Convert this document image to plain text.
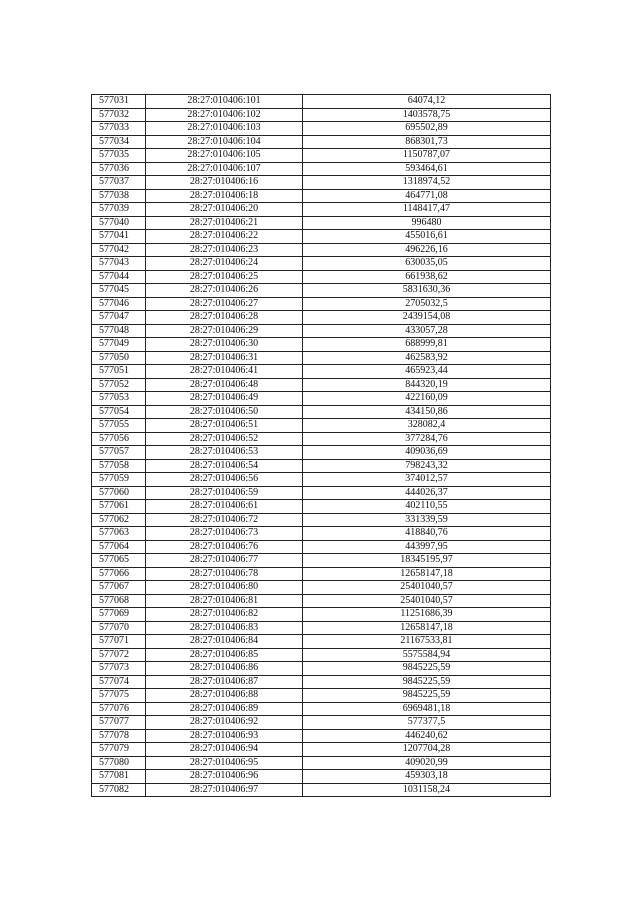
577031	28:27:010406:101	64074,12
577032	28:27:010406:102	1403578,75
577033	28:27:010406:103	695502,89
577034	28:27:010406:104	868301,73
577035	28:27:010406:105	1150787,07
577036	28:27:010406:107	593464,61
577037	28:27:010406:16	1318974,52
577038	28:27:010406:18	464771,08
577039	28:27:010406:20	1148417,47
577040	28:27:010406:21	996480
577041	28:27:010406:22	455016,61
577042	28:27:010406:23	496226,16
577043	28:27:010406:24	630035,05
577044	28:27:010406:25	661938,62
577045	28:27:010406:26	5831630,36
577046	28:27:010406:27	2705032,5
577047	28:27:010406:28	2439154,08
577048	28:27:010406:29	433057,28
577049	28:27:010406:30	688999,81
577050	28:27:010406:31	462583,92
577051	28:27:010406:41	465923,44
577052	28:27:010406:48	844320,19
577053	28:27:010406:49	422160,09
577054	28:27:010406:50	434150,86
577055	28:27:010406:51	328082,4
577056	28:27:010406:52	377284,76
577057	28:27:010406:53	409036,69
577058	28:27:010406:54	798243,32
577059	28:27:010406:56	374012,57
577060	28:27:010406:59	444026,37
577061	28:27:010406:61	402110,55
577062	28:27:010406:72	331339,59
577063	28:27:010406:73	418840,76
577064	28:27:010406:76	443997,95
577065	28:27:010406:77	18345195,97
577066	28:27:010406:78	12658147,18
577067	28:27:010406:80	25401040,57
577068	28:27:010406:81	25401040,57
577069	28:27:010406:82	11251686,39
577070	28:27:010406:83	12658147,18
577071	28:27:010406:84	21167533,81
577072	28:27:010406:85	5575584,94
577073	28:27:010406:86	9845225,59
577074	28:27:010406:87	9845225,59
577075	28:27:010406:88	9845225,59
577076	28:27:010406:89	6969481,18
577077	28:27:010406:92	577377,5
577078	28:27:010406:93	446240,62
577079	28:27:010406:94	1207704,28
577080	28:27:010406:95	409020,99
577081	28:27:010406:96	459303,18
577082	28:27:010406:97	1031158,24
